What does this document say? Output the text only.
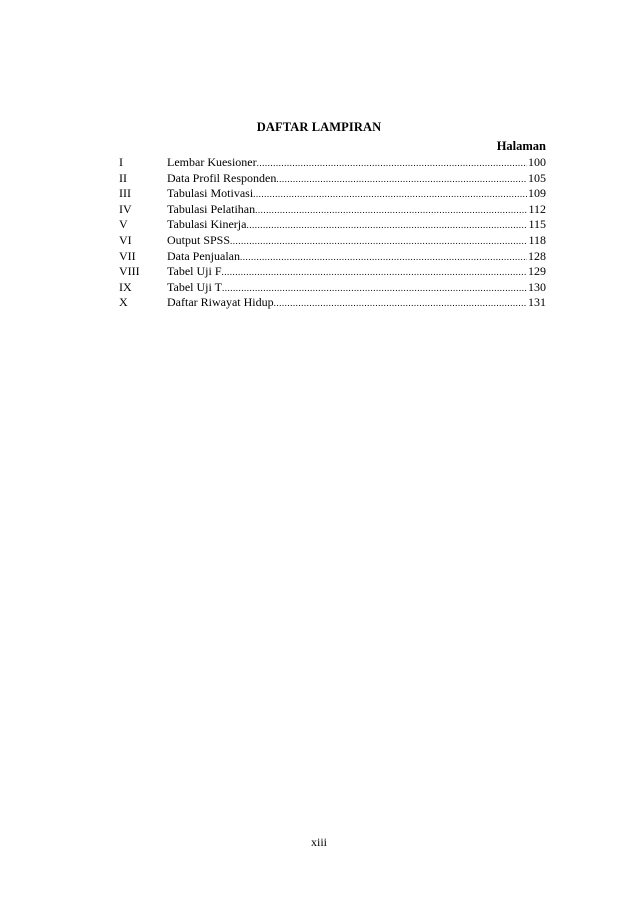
DAFTAR LAMPIRAN
Halaman
I	Lembar Kuesioner .....	100
II	Data Profil Responden .....	105
III	Tabulasi Motivasi .....	109
IV	Tabulasi Pelatihan .....	112
V	Tabulasi Kinerja .....	115
VI	Output SPSS .....	118
VII	Data Penjualan .....	128
VIII	Tabel Uji F .....	129
IX	Tabel Uji T .....	130
X	Daftar Riwayat Hidup .....	131
xiii
